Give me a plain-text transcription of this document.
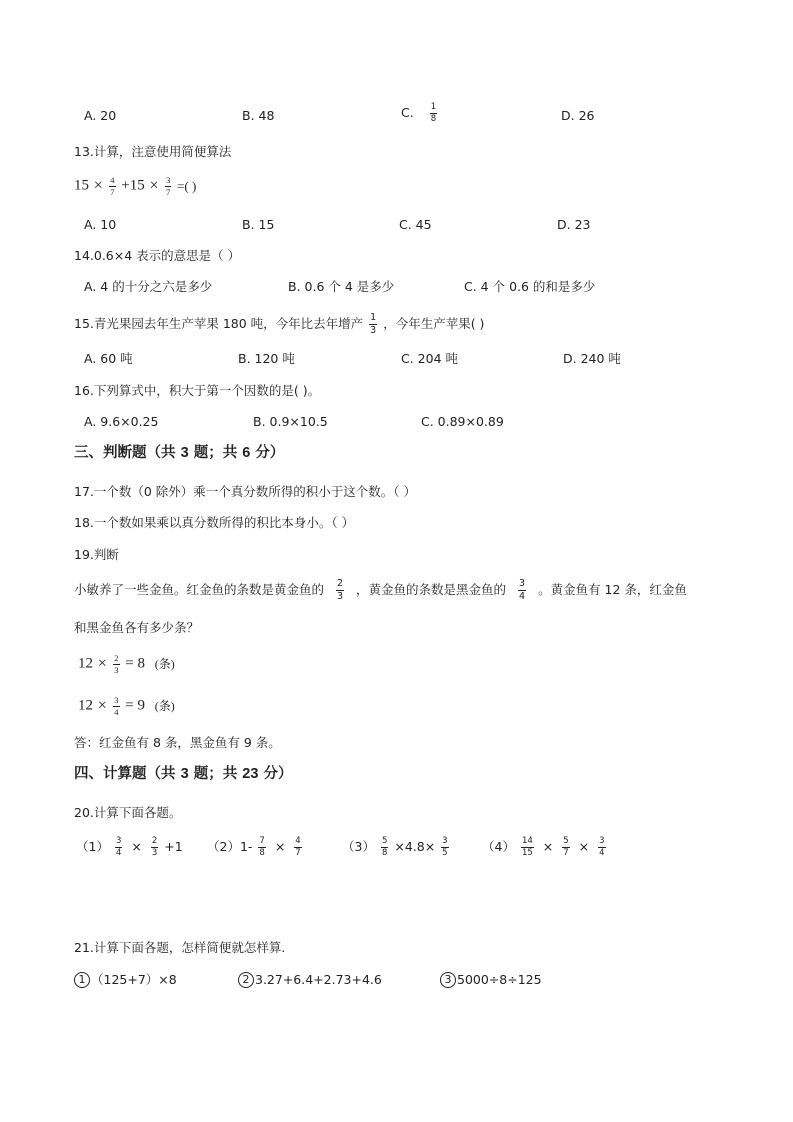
A. 20	B. 48	C. $\frac{1}{8}$	D. 26
13.计算，注意使用简便算法
$15 \times \frac{4}{7} +15 \times \frac{3}{7}$ =( )
A. 10	B. 15	C. 45	D. 23
14.0.6×4 表示的意思是（ ）
A. 4 的十分之六是多少	B. 0.6 个 4 是多少	C. 4 个 0.6 的和是多少
15.青光果园去年生产苹果 180 吨，今年比去年增产 $\frac{1}{3}$ ，今年生产苹果( )
A. 60 吨	B. 120 吨	C. 204 吨	D. 240 吨
16.下列算式中，积大于第一个因数的是( )。
A. 9.6×0.25	B. 0.9×10.5	C. 0.89×0.89
三、判断题（共 3 题；共 6 分）
17.一个数（0 除外）乘一个真分数所得的积小于这个数。（ ）
18.一个数如果乘以真分数所得的积比本身小。（ ）
19.判断
小敏养了一些金鱼。红金鱼的条数是黄金鱼的 $\frac{2}{3}$ ，黄金鱼的条数是黑金鱼的 $\frac{3}{4}$ 。黄金鱼有 12 条，红金鱼
和黑金鱼各有多少条？
$12 \times \frac{2}{3} = 8$ (条)
$12 \times \frac{3}{4} = 9$ (条)
答：红金鱼有 8 条，黑金鱼有 9 条。
四、计算题（共 3 题；共 23 分）
20.计算下面各题。
$(1) \frac{3}{4} \times \frac{2}{3} +1$ $(2)1- \frac{7}{8} \times \frac{4}{7}$	$(3) \frac{5}{8} \times 4.8\times \frac{3}{5}$	$(4) \frac{14}{15} \times \frac{5}{7} \times \frac{3}{4}$
21.计算下面各题，怎样简便就怎样算.
1 （125+7）×8	2 3.27+6.4+2.73+4.6	3 5000÷8÷125
